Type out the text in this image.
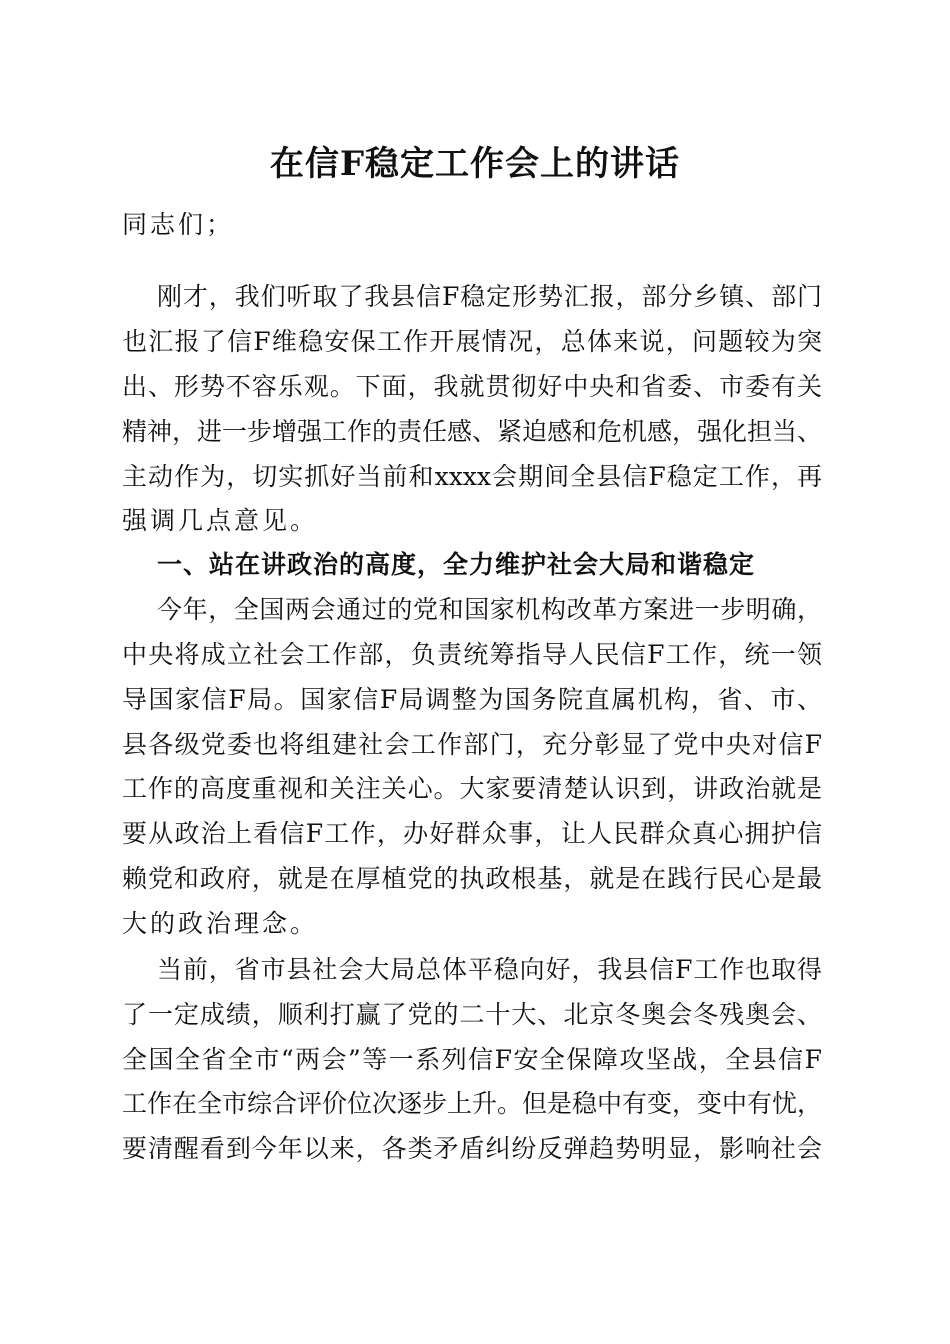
在信F稳定工作会上的讲话
同志们；
刚才，我们听取了我县信F稳定形势汇报，部分乡镇、部门
也汇报了信F维稳安保工作开展情况，总体来说，问题较为突
出、形势不容乐观。下面，我就贯彻好中央和省委、市委有关
精神，进一步增强工作的责任感、紧迫感和危机感，强化担当、
主动作为，切实抓好当前和xxxx会期间全县信F稳定工作，再
强调几点意见。
一、站在讲政治的高度，全力维护社会大局和谐稳定
今年，全国两会通过的党和国家机构改革方案进一步明确，
中央将成立社会工作部，负责统筹指导人民信F工作，统一领
导国家信F局。国家信F局调整为国务院直属机构，省、市、
县各级党委也将组建社会工作部门，充分彰显了党中央对信F
工作的高度重视和关注关心。大家要清楚认识到，讲政治就是
要从政治上看信F工作，办好群众事，让人民群众真心拥护信
赖党和政府，就是在厚植党的执政根基，就是在践行民心是最
大的政治理念。
当前，省市县社会大局总体平稳向好，我县信F工作也取得
了一定成绩，顺利打赢了党的二十大、北京冬奥会冬残奥会、
全国全省全市“两会”等一系列信F安全保障攻坚战，全县信F
工作在全市综合评价位次逐步上升。但是稳中有变，变中有忧，
要清醒看到今年以来，各类矛盾纠纷反弹趋势明显，影响社会
